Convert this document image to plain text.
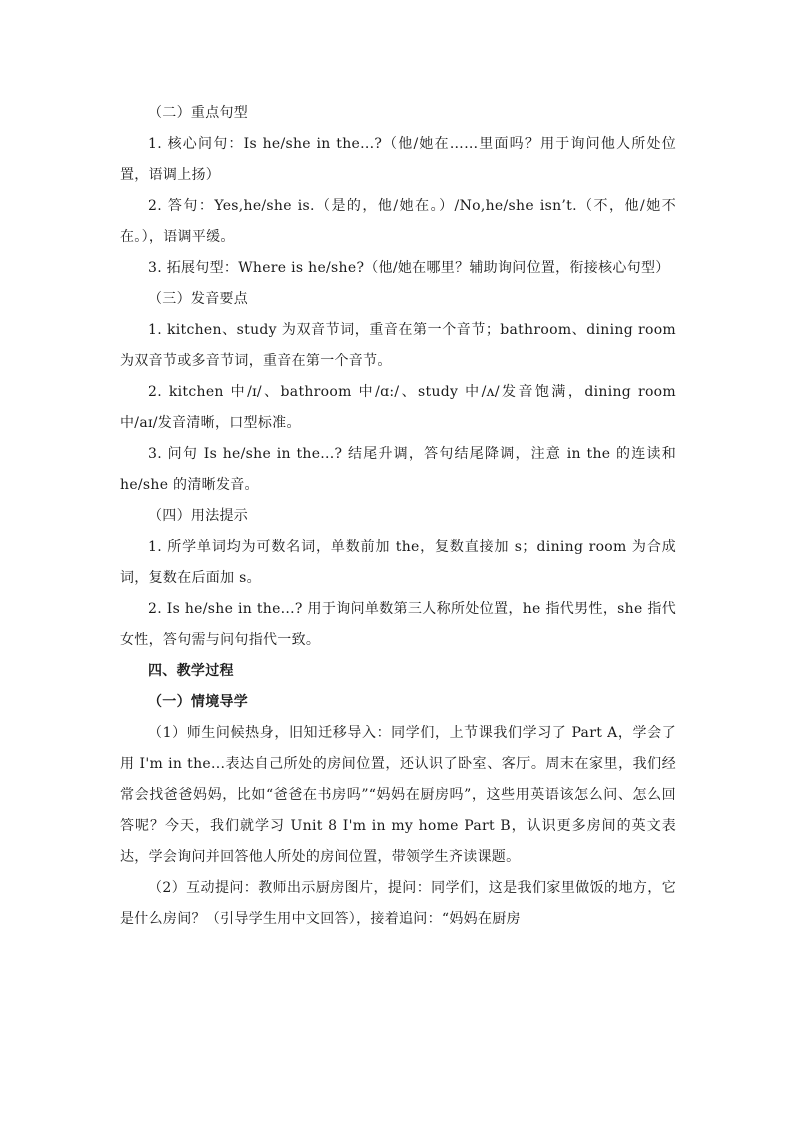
（二）重点句型

1. 核心问句：Is he/she in the...?（他/她在……里面吗？用于询问他人所处位置，语调上扬）

2. 答句：Yes,he/she is.（是的，他/她在。）/No,he/she isn’t.（不，他/她不在。），语调平缓。

3. 拓展句型：Where is he/she?（他/她在哪里？辅助询问位置，衔接核心句型）

（三）发音要点

1. kitchen、study 为双音节词，重音在第一个音节；bathroom、dining room 为双音节或多音节词，重音在第一个音节。

2. kitchen 中/ɪ/、bathroom 中/ɑ:/、study 中/ʌ/发音饱满，dining room 中/aɪ/发音清晰，口型标准。

3. 问句 Is he/she in the...? 结尾升调，答句结尾降调，注意 in the 的连读和 he/she 的清晰发音。

（四）用法提示

1. 所学单词均为可数名词，单数前加 the，复数直接加 s；dining room 为合成词，复数在后面加 s。

2. Is he/she in the...? 用于询问单数第三人称所处位置，he 指代男性，she 指代女性，答句需与问句指代一致。

四、教学过程

（一）情境导学

（1）师生问候热身，旧知迁移导入：同学们，上节课我们学习了 Part A，学会了用 I'm in the...表达自己所处的房间位置，还认识了卧室、客厅。周末在家里，我们经常会找爸爸妈妈，比如“爸爸在书房吗”“妈妈在厨房吗”，这些用英语该怎么问、怎么回答呢？今天，我们就学习 Unit 8 I'm in my home Part B，认识更多房间的英文表达，学会询问并回答他人所处的房间位置，带领学生齐读课题。

（2）互动提问：教师出示厨房图片，提问：同学们，这是我们家里做饭的地方，它是什么房间？（引导学生用中文回答），接着追问：“妈妈在厨房
